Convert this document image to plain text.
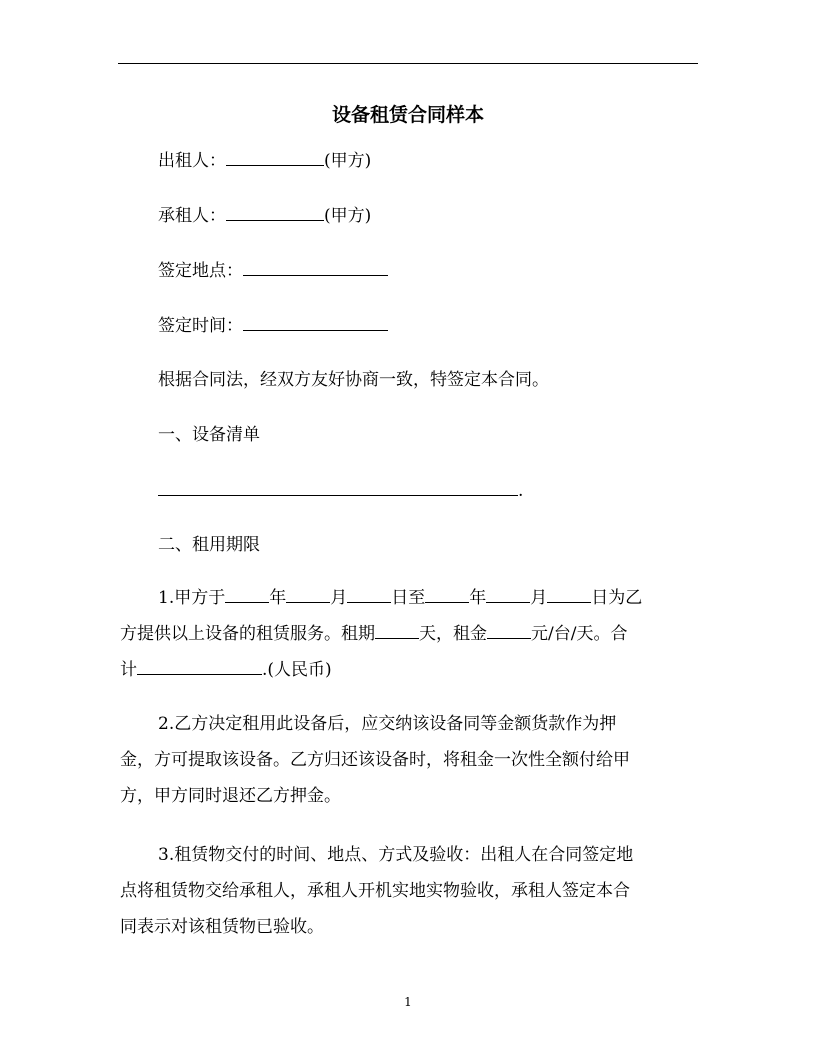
设备租赁合同样本
出租人：	(甲方)
承租人：	(甲方)
签定地点：
签定时间：
根据合同法，经双方友好协商一致，特签定本合同。
一、设备清单
.
二、租用期限
1.甲方于	年	月	日至	年	月	日为乙
方提供以上设备的租赁服务。租期	天，租金	元/台/天。合
计	.(人民币)
2.乙方决定租用此设备后，应交纳该设备同等金额货款作为押
金，方可提取该设备。乙方归还该设备时，将租金一次性全额付给甲
方，甲方同时退还乙方押金。
3.租赁物交付的时间、地点、方式及验收：出租人在合同签定地
点将租赁物交给承租人，承租人开机实地实物验收，承租人签定本合
同表示对该租赁物已验收。
1
